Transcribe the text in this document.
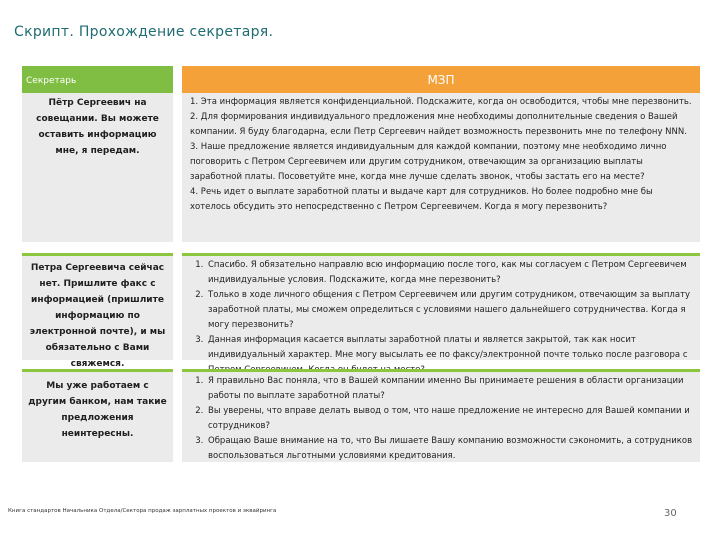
Скрипт. Прохождение секретаря.
Секретарь	МЗП
Пётр Сергеевич на совещании. Вы можете оставить информацию мне, я передам.

1. Эта информация является конфиденциальной. Подскажите, когда он освободится, чтобы мне перезвонить.

2. Для формирования индивидуального предложения мне необходимы дополнительные сведения о Вашей компании. Я буду благодарна, если Петр Сергеевич найдет возможность перезвонить мне по телефону NNN.

3. Наше предложение является индивидуальным для каждой компании, поэтому мне необходимо лично поговорить с Петром Сергеевичем или другим сотрудником, отвечающим за организацию выплаты заработной платы. Посоветуйте мне, когда мне лучше сделать звонок, чтобы застать его на месте?

4. Речь идет о выплате заработной платы и выдаче карт для сотрудников. Но более подробно мне бы хотелось обсудить это непосредственно с Петром Сергеевичем. Когда я могу перезвонить?

Петра Сергеевича сейчас нет. Пришлите факс с информацией (пришлите информацию по электронной почте), и мы обязательно с Вами свяжемся.
1. Спасибо. Я обязательно направлю всю информацию после того, как мы согласуем с Петром Сергеевичем индивидуальные условия. Подскажите, когда мне перезвонить?
2. Только в ходе личного общения с Петром Сергеевичем или другим сотрудником, отвечающим за выплату заработной платы, мы сможем определиться с условиями нашего дальнейшего сотрудничества. Когда я могу перезвонить?
3. Данная информация касается выплаты заработной платы и является закрытой, так как носит индивидуальный характер. Мне могу высылать ее по факсу/электронной почте только после разговора с
Мы уже работаем с другим банком, нам такие предложения неинтересны.
1. Я правильно Вас поняла, что в Вашей компании именно Вы принимаете решения в области организации работы по выплате заработной платы?
2. Вы уверены, что вправе делать вывод о том, что наше предложение не интересно для Вашей компании и сотрудников?
3. Обращаю Ваше внимание на то, что Вы лишаете Вашу компанию возможности сэкономить, а сотрудников воспользоваться льготными условиями кредитования.
Книга стандартов Начальника Отдела/Сектора продаж зарплатных проектов и эквайринга	30
